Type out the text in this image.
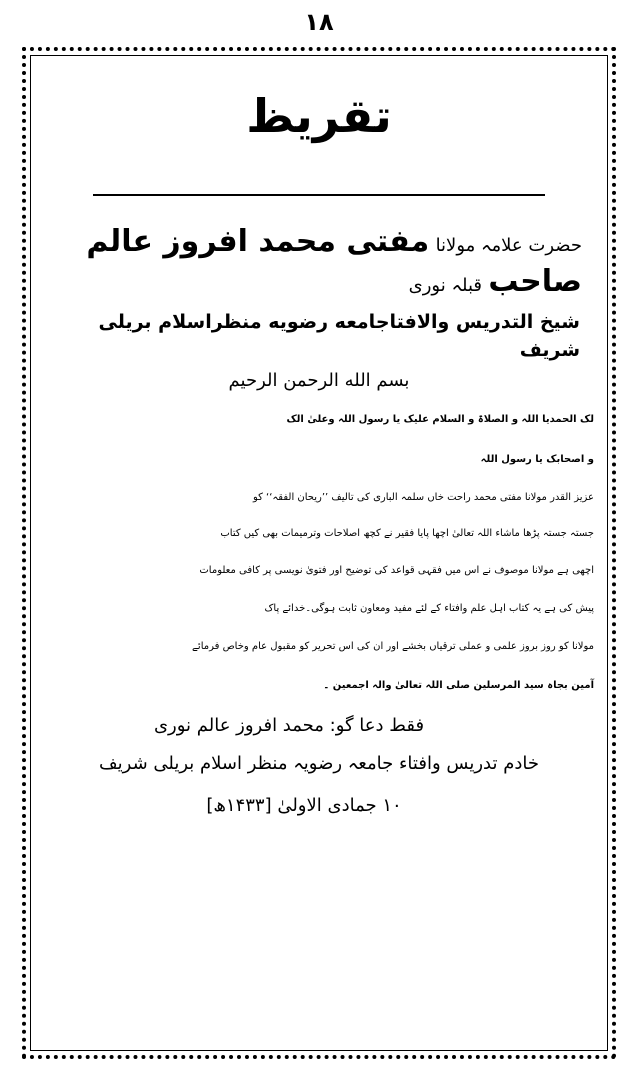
۱۸
تقریظ
حضرت علامہ مولانا مفتی محمد افروز عالم صاحب قبلہ نوری
شیخ التدریس والافتاجامعه رضویه منظراسلام بریلی شریف
بسم الله الرحمن الرحيم
لک الحمدیا اللہ و الصلاۃ و السلام علیک یا رسول اللہ وعلیٰ الک
و اصحابک یا رسول اللہ
عزیز القدر مولانا مفتی محمد راحت خاں سلمہ الباری کی تالیف ’’ریحان الفقہ‘‘ کو
جستہ جستہ پڑھا ماشاء اللہ تعالیٰ اچھا پایا فقیر نے کچھ اصلاحات وترمیمات بھی کیں کتاب
اچھی ہے مولانا موصوف نے اس میں فقہی قواعد کی توضیح اور فتویٰ نویسی پر کافی معلومات
پیش کی ہے یہ کتاب اہل علم وافتاء کے لئے مفید ومعاون ثابت ہوگی۔خدائے پاک
مولانا کو روز بروز علمی و عملی ترقیاں بخشے اور ان کی اس تحریر کو مقبول عام وخاص فرمائے
آمین بجاہ سید المرسلین صلی اللہ تعالیٰ والہ اجمعین ۔
فقط دعا گو: محمد افروز عالم نوری
خادم تدریس وافتاء جامعہ رضویہ منظر اسلام بریلی شریف
۱۰ جمادی الاولیٰ [۱۴۳۳ھ]
